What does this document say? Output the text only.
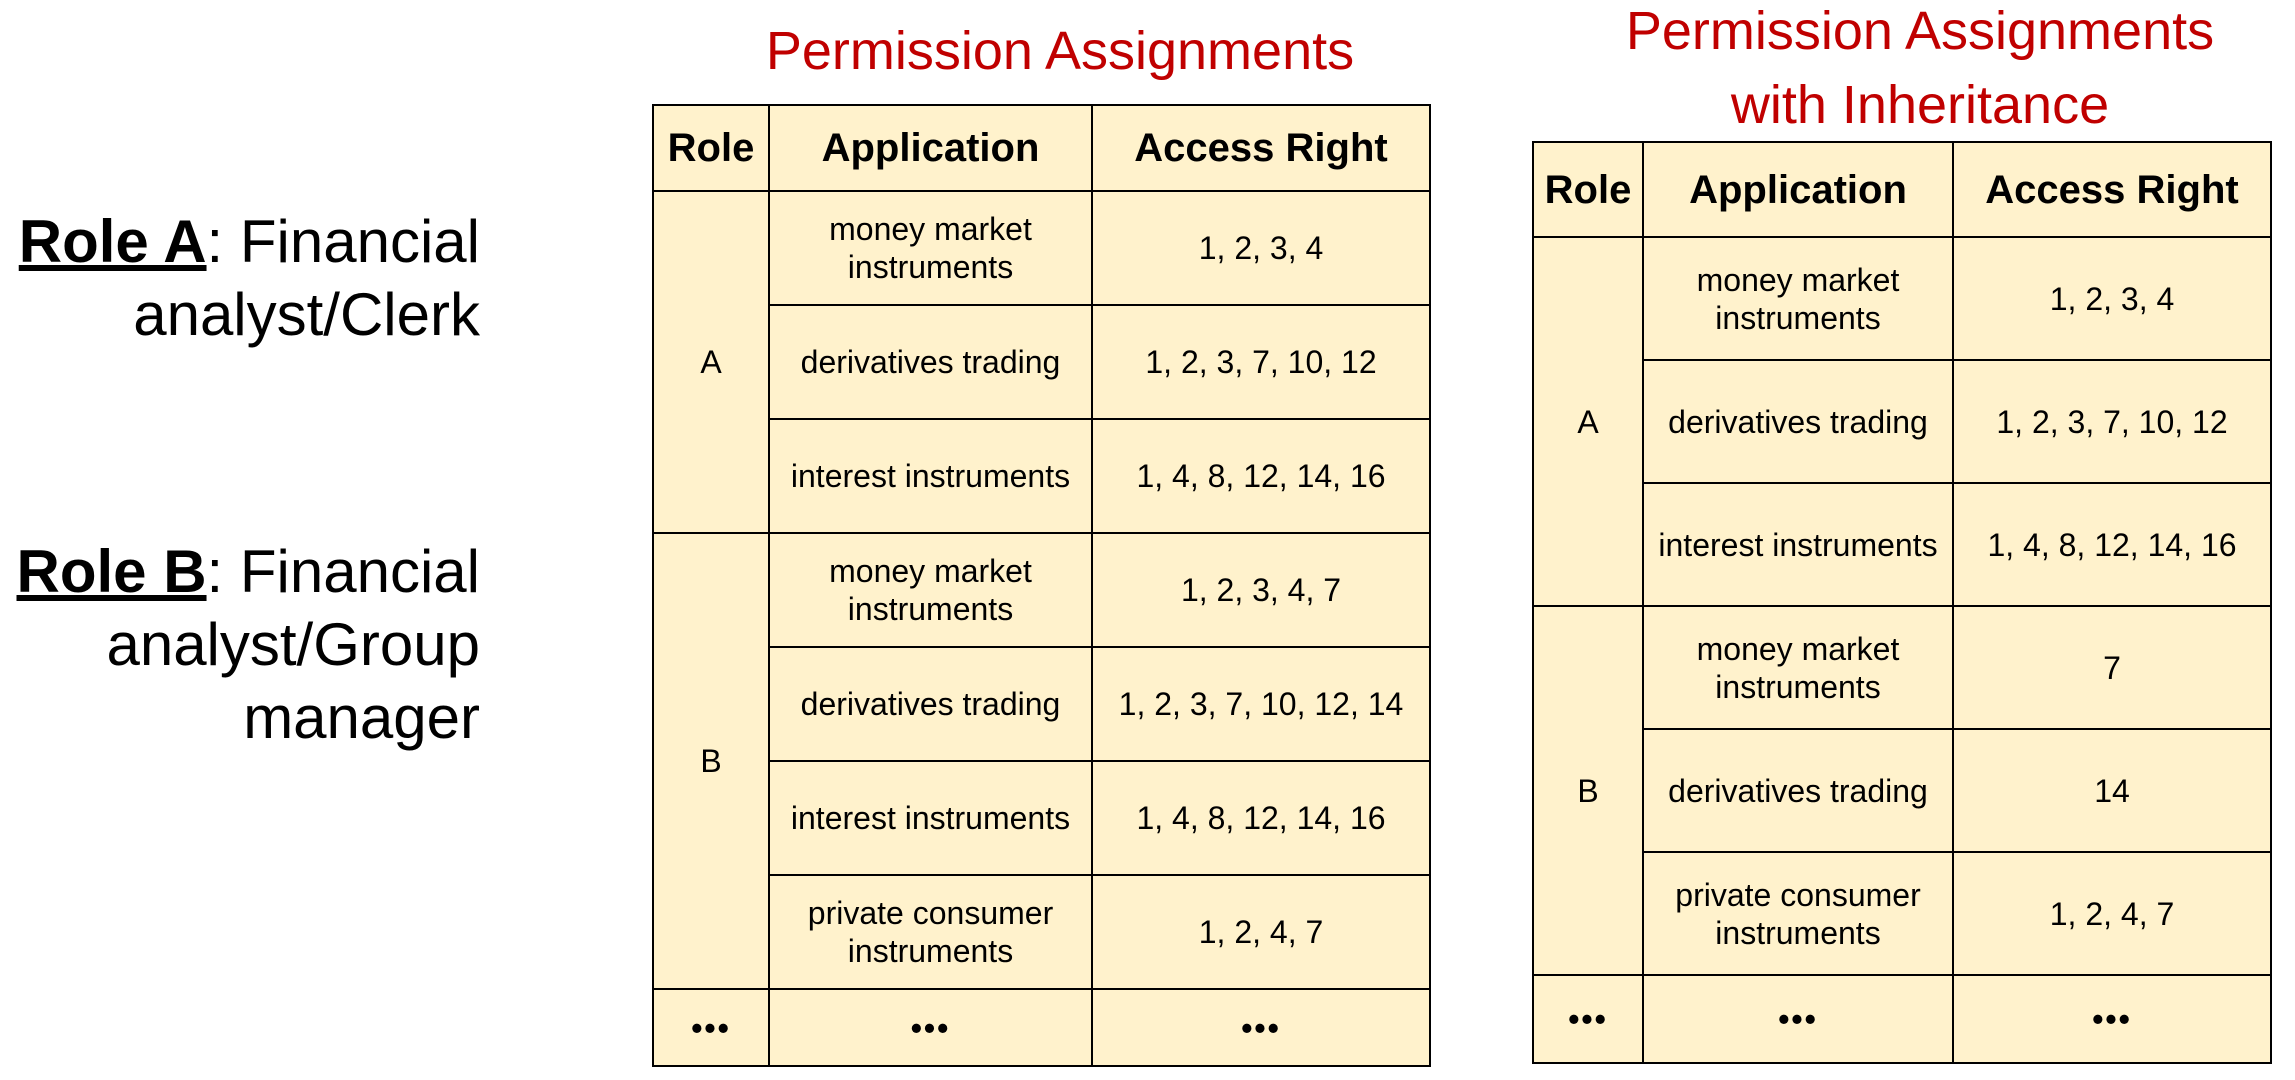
Role A: Financial
analyst/Clerk
Role B: Financial
analyst/Group
manager
Permission Assignments	Permission Assignments
with Inheritance
Role	Application	Access Right
A	money market instruments	1, 2, 3, 4
	derivatives trading	1, 2, 3, 7, 10, 12
	interest instruments	1, 4, 8, 12, 14, 16
B	money market instruments	1, 2, 3, 4, 7
	derivatives trading	1, 2, 3, 7, 10, 12, 14
	interest instruments	1, 4, 8, 12, 14, 16
	private consumer instruments	1, 2, 4, 7
•••	•••	•••
Role	Application	Access Right
A	money market instruments	1, 2, 3, 4
	derivatives trading	1, 2, 3, 7, 10, 12
	interest instruments	1, 4, 8, 12, 14, 16
B	money market instruments	7
	derivatives trading	14
	private consumer instruments	1, 2, 4, 7
•••	•••	•••
